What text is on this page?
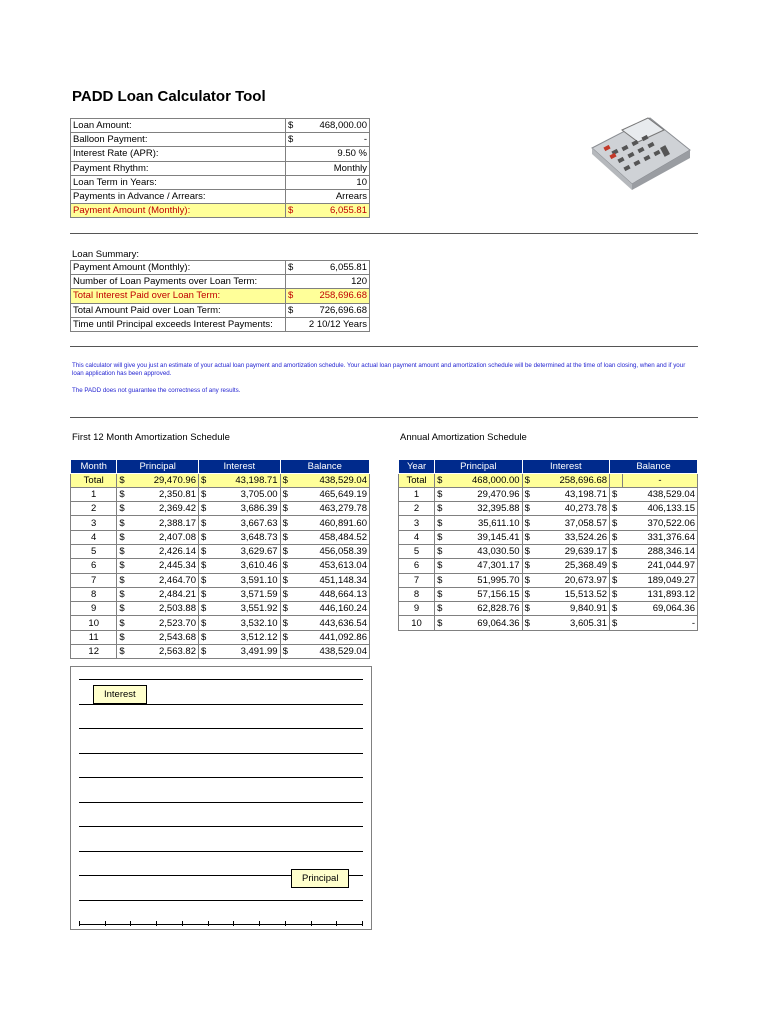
PADD Loan Calculator Tool
Loan Amount:	$	468,000.00
Balloon Payment:	$	-
Interest Rate (APR):		9.50 %
Payment Rhythm:		Monthly
Loan Term in Years:		10
Payments in Advance / Arrears:		Arrears
Payment Amount (Monthly):	$	6,055.81
Loan Summary:
Payment Amount (Monthly):	$	6,055.81
Number of Loan Payments over Loan Term:		120
Total Interest Paid over Loan Term:	$	258,696.68
Total Amount Paid over Loan Term:	$	726,696.68
Time until Principal exceeds Interest Payments:		2 10/12 Years
This calculator will give you just an estimate of your actual loan payment and amortization schedule. Your actual loan payment amount and amortization schedule will be determined at the time of loan closing, when and if your loan application has been approved.
The PADD does not guarantee the correctness of any results.
First 12 Month Amortization Schedule
Month	Principal		Interest		Balance	
Total	$	29,470.96	$	43,198.71	$	438,529.04
1	$	2,350.81	$	3,705.00	$	465,649.19
2	$	2,369.42	$	3,686.39	$	463,279.78
3	$	2,388.17	$	3,667.63	$	460,891.60
4	$	2,407.08	$	3,648.73	$	458,484.52
5	$	2,426.14	$	3,629.67	$	456,058.39
6	$	2,445.34	$	3,610.46	$	453,613.04
7	$	2,464.70	$	3,591.10	$	451,148.34
8	$	2,484.21	$	3,571.59	$	448,664.13
9	$	2,503.88	$	3,551.92	$	446,160.24
10	$	2,523.70	$	3,532.10	$	443,636.54
11	$	2,543.68	$	3,512.12	$	441,092.86
12	$	2,563.82	$	3,491.99	$	438,529.04
Annual Amortization Schedule
Year	Principal		Interest		Balance	
Total	$	468,000.00	$	258,696.68		-
1	$	29,470.96	$	43,198.71	$	438,529.04
2	$	32,395.88	$	40,273.78	$	406,133.15
3	$	35,611.10	$	37,058.57	$	370,522.06
4	$	39,145.41	$	33,524.26	$	331,376.64
5	$	43,030.50	$	29,639.17	$	288,346.14
6	$	47,301.17	$	25,368.49	$	241,044.97
7	$	51,995.70	$	20,673.97	$	189,049.27
8	$	57,156.15	$	15,513.52	$	131,893.12
9	$	62,828.76	$	9,840.91	$	69,064.36
10	$	69,064.36	$	3,605.31	$	-
Interest
Principal
